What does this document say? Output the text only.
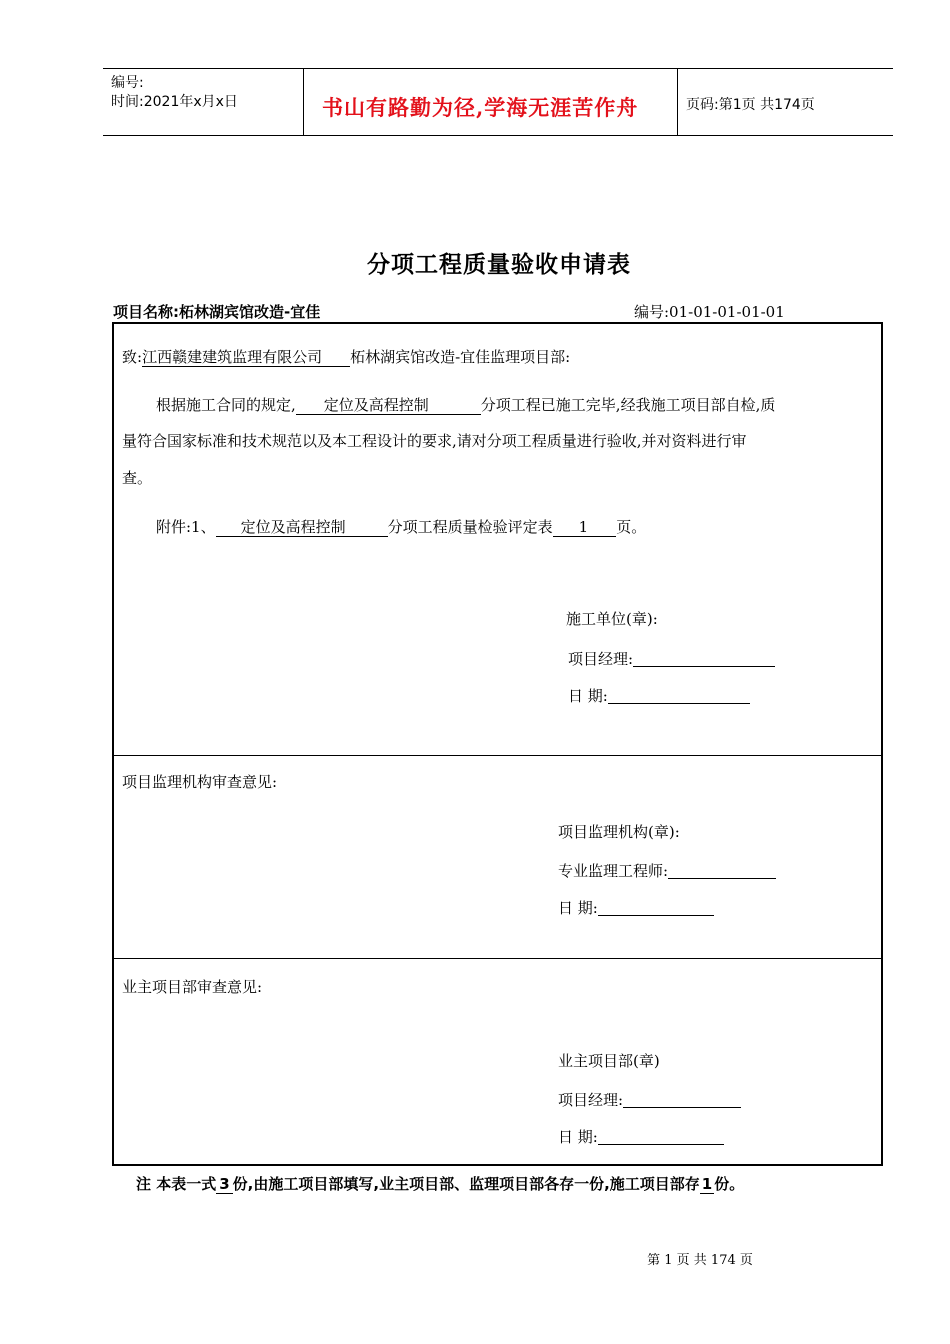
编号:
时间:2021年x月x日	书山有路勤为径,学海无涯苦作舟	页码:第1页 共174页
分项工程质量验收申请表
项目名称:柘林湖宾馆改造-宜佳	编号:01-01-01-01-01
致:江西赣建建筑监理有限公司 柘林湖宾馆改造-宜佳监理项目部:
根据施工合同的规定, 定位及高程控制	分项工程已施工完毕,经我施工项目部自检,质
量符合国家标准和技术规范以及本工程设计的要求,请对分项工程质量进行验收,并对资料进行审
查。
附件:1、 定位及高程控制	分项工程质量检验评定表 1 页。
施工单位(章):
项目经理:
日 期:
项目监理机构审查意见:
项目监理机构(章):
专业监理工程师:
日 期:
业主项目部审查意见:
业主项目部(章)
项目经理:
日 期:
注 本表一式 3 份,由施工项目部填写,业主项目部、监理项目部各存一份,施工项目部存 1 份。
第 1 页 共 174 页
